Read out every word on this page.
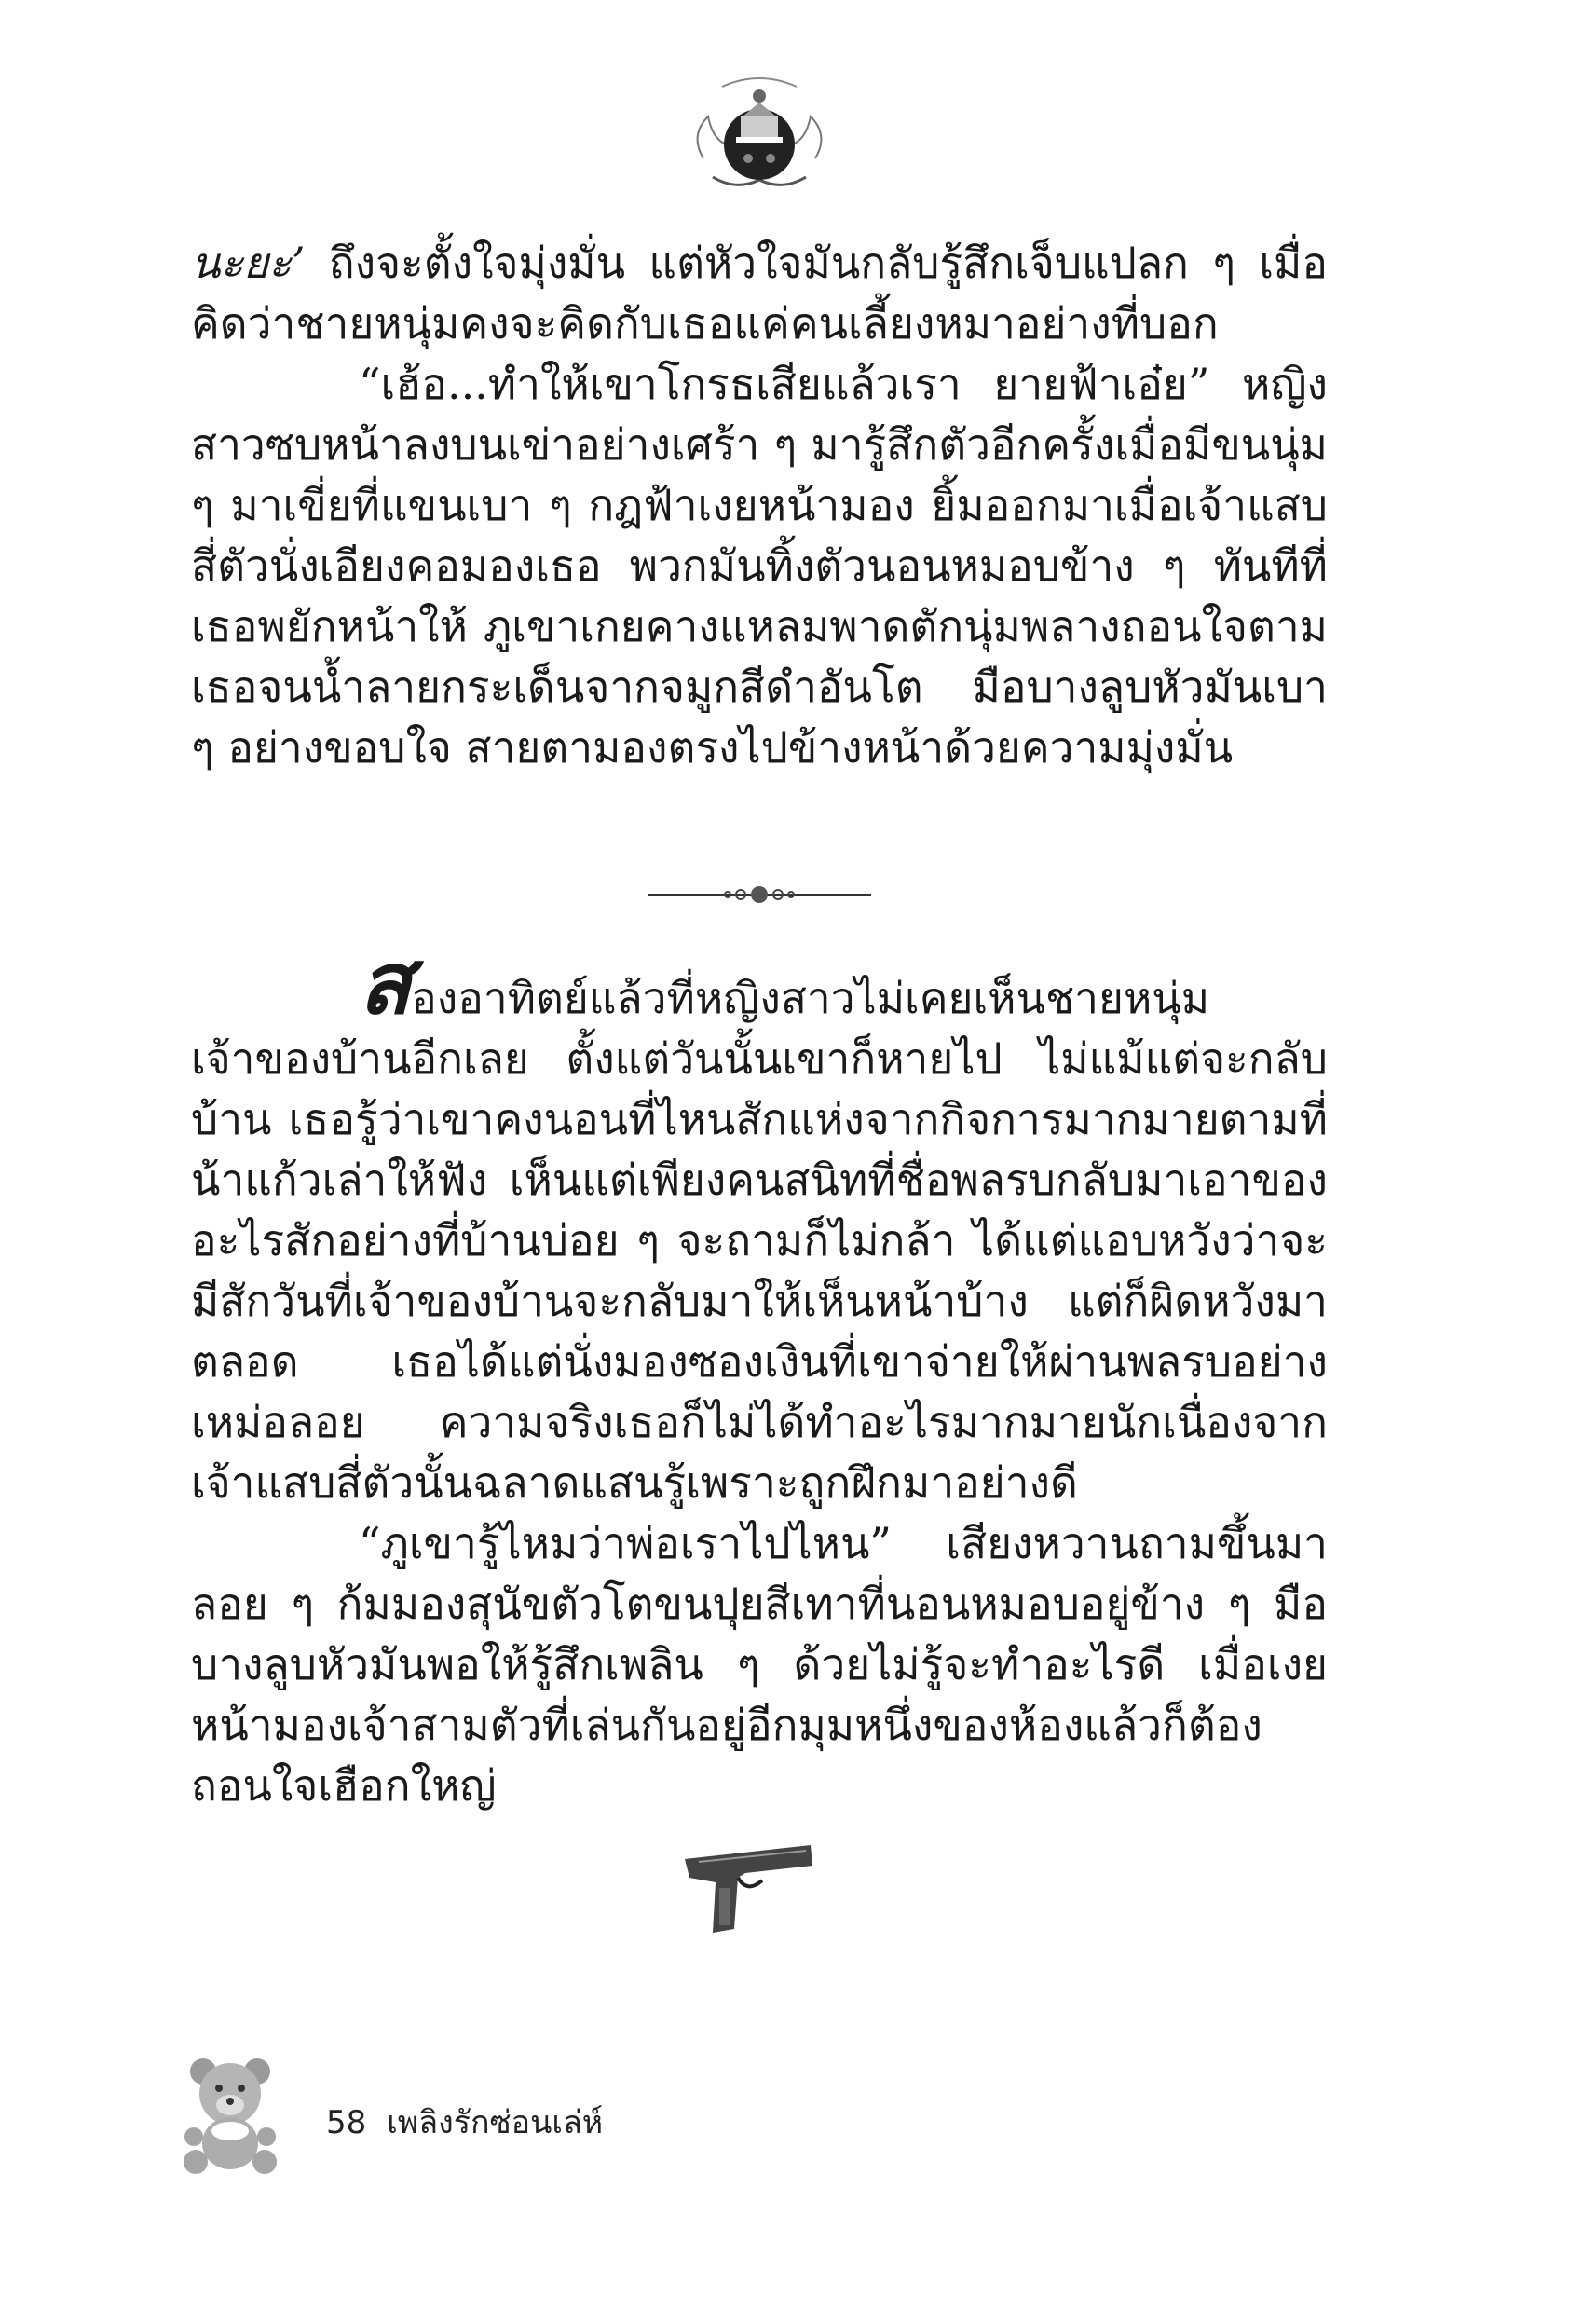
นะยะ’ ถึงจะตั้งใจมุ่งมั่น แต่หัวใจมันกลับรู้สึกเจ็บแปลก ๆ เมื่อคิดว่าชายหนุ่มคงจะคิดกับเธอแค่คนเลี้ยงหมาอย่างที่บอก

“เฮ้อ...ทำให้เขาโกรธเสียแล้วเรา ยายฟ้าเอ๋ย” หญิงสาวซบหน้าลงบนเข่าอย่างเศร้า ๆ มารู้สึกตัวอีกครั้งเมื่อมีขนนุ่ม ๆ มาเขี่ยที่แขนเบา ๆ กฎฟ้าเงยหน้ามอง ยิ้มออกมาเมื่อเจ้าแสบสี่ตัวนั่งเอียงคอมองเธอ พวกมันทิ้งตัวนอนหมอบข้าง ๆ ทันทีที่เธอพยักหน้าให้ ภูเขาเกยคางแหลมพาดตักนุ่มพลางถอนใจตามเธอจนน้ำลายกระเด็นจากจมูกสีดำอันโต มือบางลูบหัวมันเบา ๆ อย่างขอบใจ สายตามองตรงไปข้างหน้าด้วยความมุ่งมั่น

สองอาทิตย์แล้วที่หญิงสาวไม่เคยเห็นชายหนุ่มเจ้าของบ้านอีกเลย ตั้งแต่วันนั้นเขาก็หายไป ไม่แม้แต่จะกลับบ้าน เธอรู้ว่าเขาคงนอนที่ไหนสักแห่งจากกิจการมากมายตามที่น้าแก้วเล่าให้ฟัง เห็นแต่เพียงคนสนิทที่ชื่อพลรบกลับมาเอาของอะไรสักอย่างที่บ้านบ่อย ๆ จะถามก็ไม่กล้า ได้แต่แอบหวังว่าจะมีสักวันที่เจ้าของบ้านจะกลับมาให้เห็นหน้าบ้าง แต่ก็ผิดหวังมาตลอด เธอได้แต่นั่งมองซองเงินที่เขาจ่ายให้ผ่านพลรบอย่างเหม่อลอย ความจริงเธอก็ไม่ได้ทำอะไรมากมายนักเนื่องจากเจ้าแสบสี่ตัวนั้นฉลาดแสนรู้เพราะถูกฝึกมาอย่างดี

“ภูเขารู้ไหมว่าพ่อเราไปไหน” เสียงหวานถามขึ้นมาลอย ๆ ก้มมองสุนัขตัวโตขนปุยสีเทาที่นอนหมอบอยู่ข้าง ๆ มือบางลูบหัวมันพอให้รู้สึกเพลิน ๆ ด้วยไม่รู้จะทำอะไรดี เมื่อเงยหน้ามองเจ้าสามตัวที่เล่นกันอยู่อีกมุมหนึ่งของห้องแล้วก็ต้องถอนใจเฮือกใหญ่

58 เพลิงรักซ่อนเล่ห์
